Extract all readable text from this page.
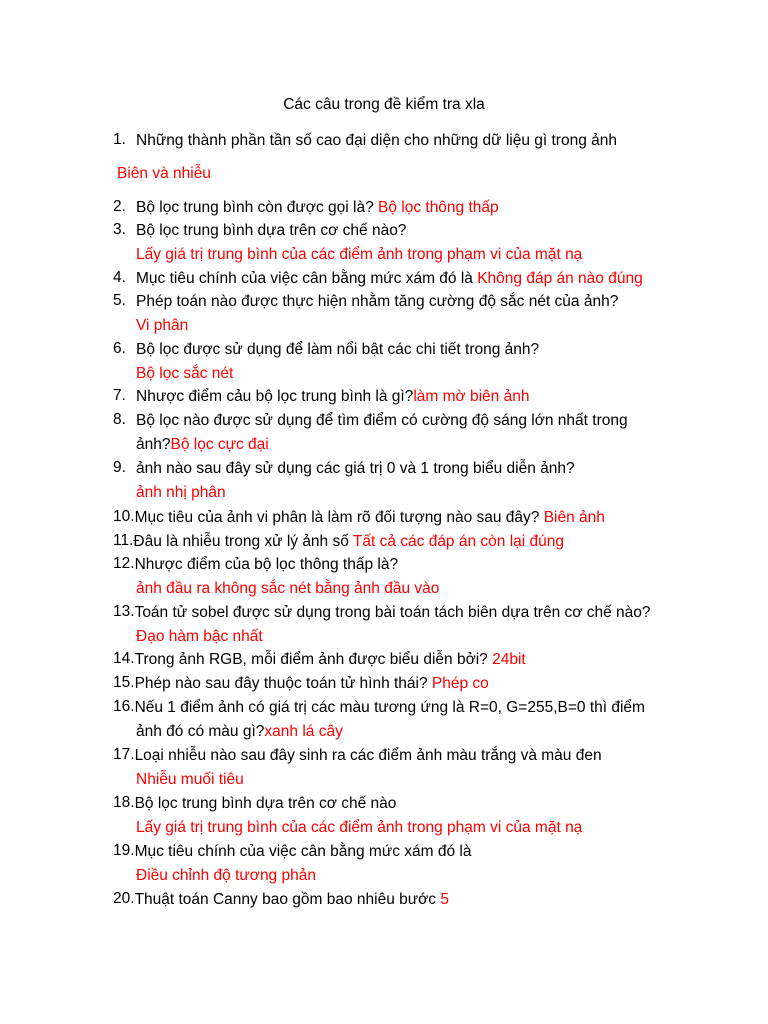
Các câu trong đề kiểm tra xla
1. Những thành phần tần số cao đại diện cho những dữ liệu gì trong ảnh
Biên và nhiễu
2. Bộ lọc trung bình còn được gọi là? Bộ lọc thông thấp
3. Bộ lọc trung bình dựa trên cơ chế nào?
Lấy giá trị trung bình của các điểm ảnh trong phạm vi của mặt nạ
4. Mục tiêu chính của việc cân bằng mức xám đó là Không đáp án nào đúng
5. Phép toán nào được thực hiện nhằm tăng cường độ sắc nét của ảnh?
Vi phân
6. Bộ lọc được sử dụng để làm nổi bật các chi tiết trong ảnh?
Bộ lọc sắc nét
7. Nhược điểm cảu bộ lọc trung bình là gì?làm mờ biên ảnh
8. Bộ lọc nào được sử dụng để tìm điểm có cường độ sáng lớn nhất trong
ảnh?Bộ lọc cực đại
9. ảnh nào sau đây sử dụng các giá trị 0 và 1 trong biểu diễn ảnh?
ảnh nhị phân
10. Mục tiêu của ảnh vi phân là làm rõ đối tượng nào sau đây? Biên ảnh
11. Đâu là nhiễu trong xử lý ảnh số Tất cả các đáp án còn lại đúng
12. Nhược điểm của bộ lọc thông thấp là?
ảnh đầu ra không sắc nét bằng ảnh đầu vào
13. Toán tử sobel được sử dụng trong bài toán tách biên dựa trên cơ chế nào?
Đạo hàm bậc nhất
14. Trong ảnh RGB, mỗi điểm ảnh được biểu diễn bởi? 24bit
15. Phép nào sau đây thuộc toán tử hình thái? Phép co
16. Nếu 1 điểm ảnh có giá trị các màu tương ứng là R=0, G=255,B=0 thì điểm
ảnh đó có màu gì?xanh lá cây
17. Loại nhiễu nào sau đây sinh ra các điểm ảnh màu trắng và màu đen
Nhiễu muối tiêu
18. Bộ lọc trung bình dựa trên cơ chế nào
Lấy giá trị trung bình của các điểm ảnh trong phạm vi của mặt nạ
19. Mục tiêu chính của việc cân bằng mức xám đó là
Điều chỉnh độ tương phản
20. Thuật toán Canny bao gồm bao nhiêu bước 5
